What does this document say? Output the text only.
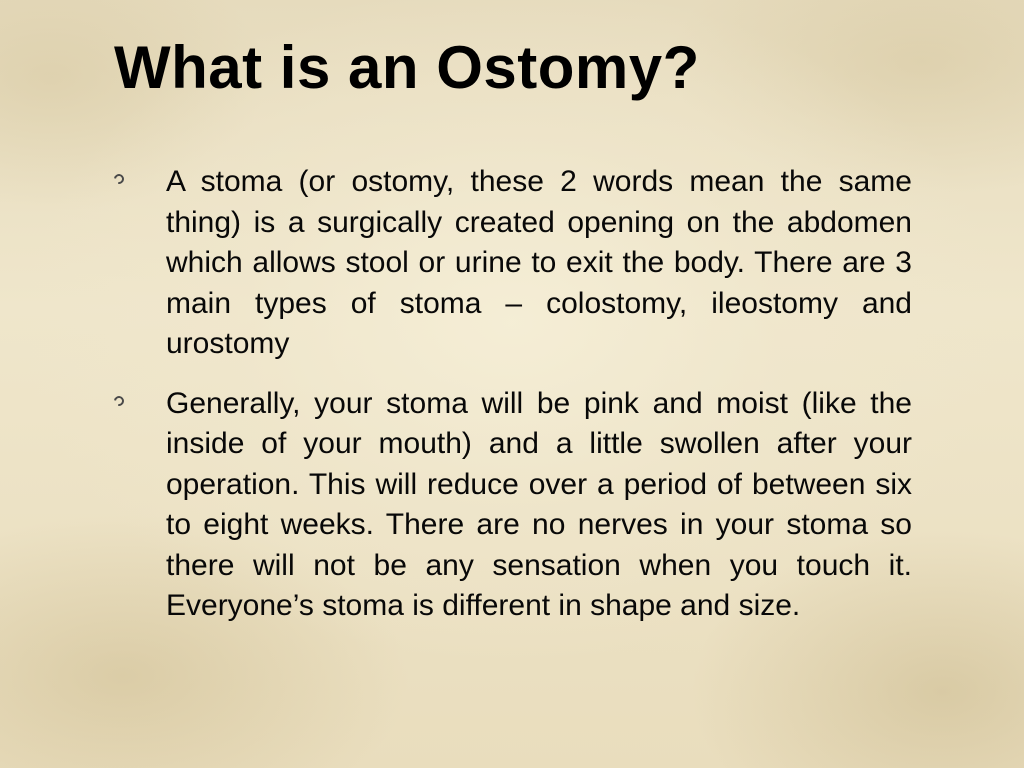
What is an Ostomy?
A stoma (or ostomy, these 2 words mean the same thing) is a surgically created opening on the abdomen which allows stool or urine to exit the body. There are 3 main types of stoma – colostomy, ileostomy and urostomy
Generally, your stoma will be pink and moist (like the inside of your mouth) and a little swollen after your operation. This will reduce over a period of between six to eight weeks. There are no nerves in your stoma so there will not be any sensation when you touch it. Everyone’s stoma is different in shape and size.
